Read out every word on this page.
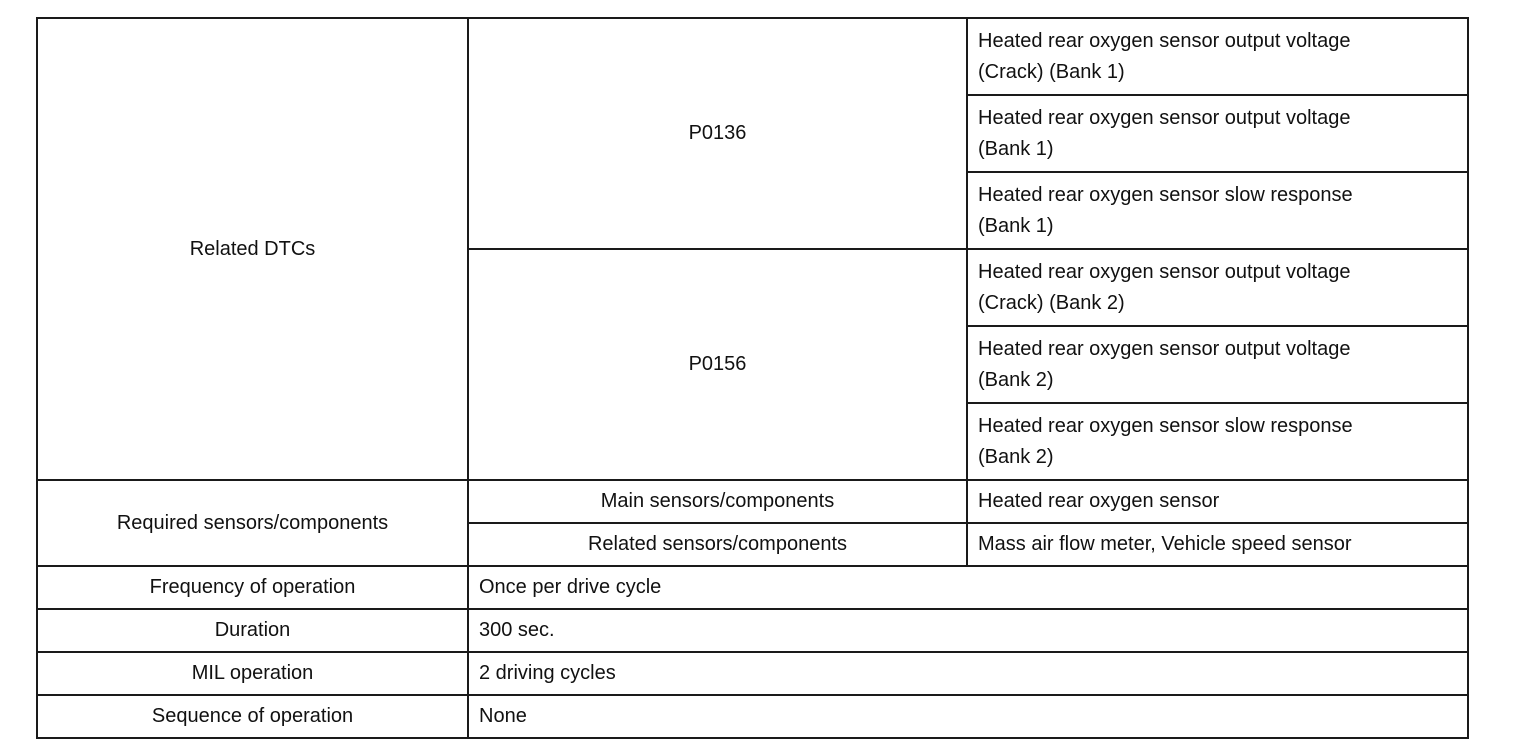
Related DTCs	P0136	Heated rear oxygen sensor output voltage
(Crack) (Bank 1)

		Heated rear oxygen sensor output voltage
(Bank 1)

		Heated rear oxygen sensor slow response
(Bank 1)

	P0156	Heated rear oxygen sensor output voltage
(Crack) (Bank 2)

		Heated rear oxygen sensor output voltage
(Bank 2)

		Heated rear oxygen sensor slow response
(Bank 2)

Required sensors/components	Main sensors/components	Heated rear oxygen sensor
	Related sensors/components	Mass air flow meter, Vehicle speed sensor
Frequency of operation	Once per drive cycle	
Duration	300 sec.	
MIL operation	2 driving cycles	
Sequence of operation	None	
